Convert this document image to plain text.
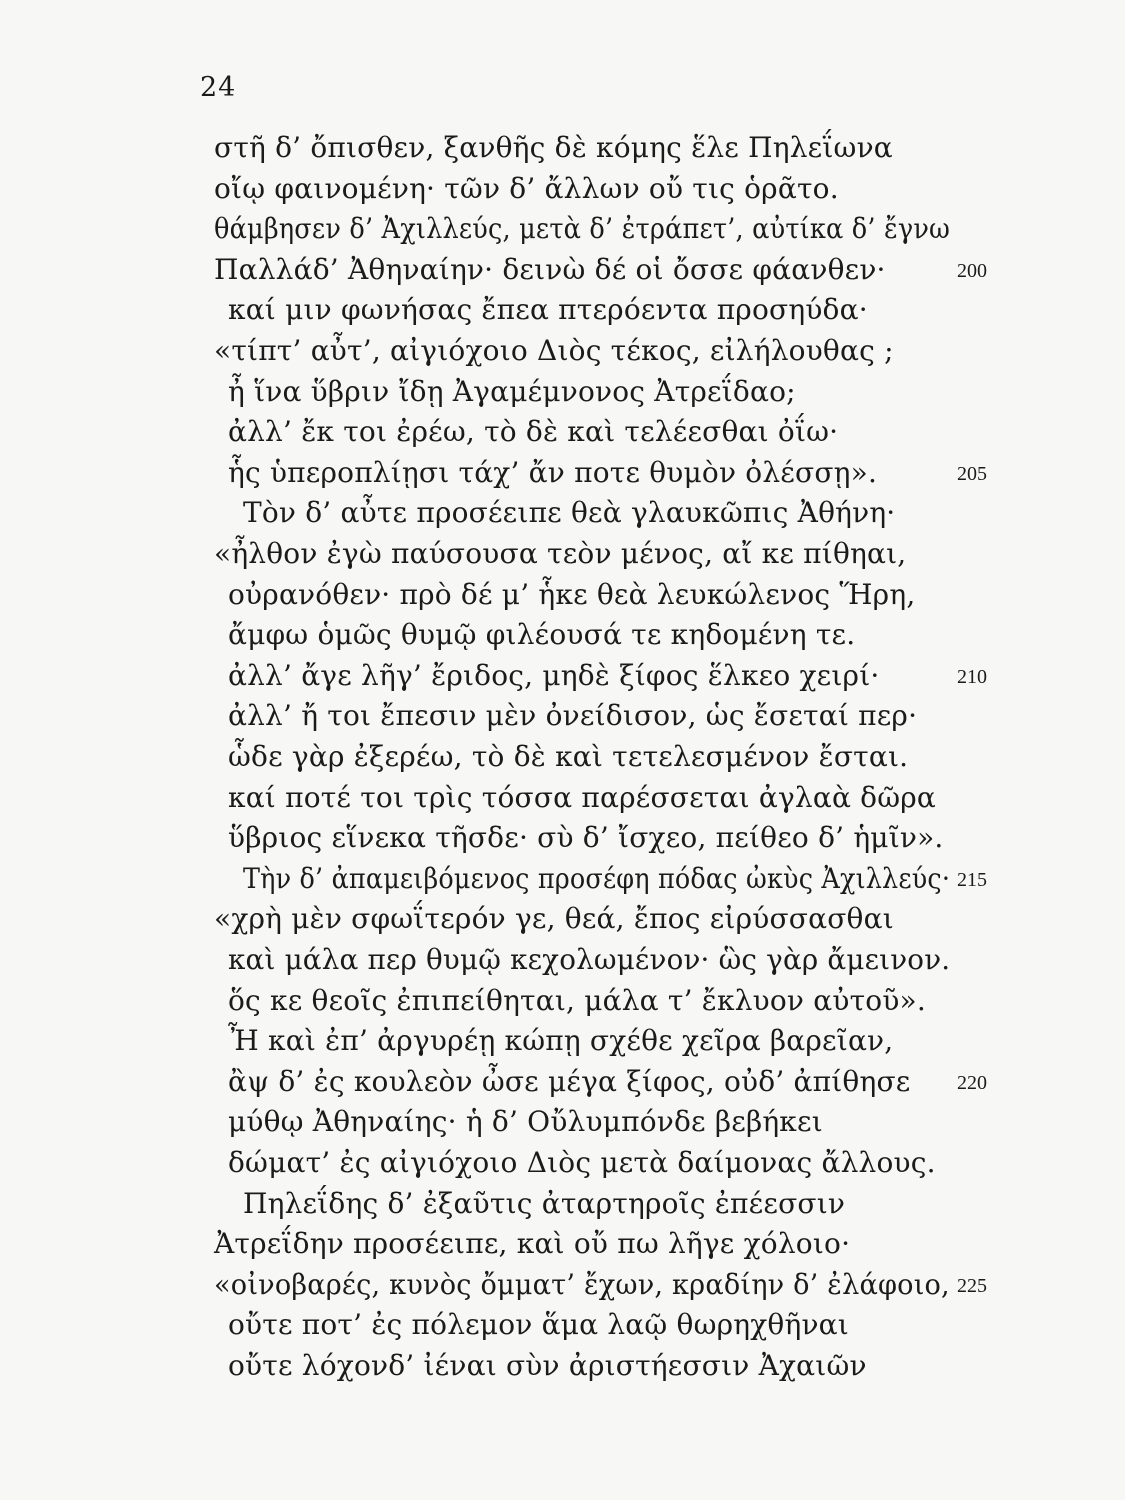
24
στῆ δ’ ὄπισθεν, ξανθῆς δὲ κόμης ἕλε Πηλεΐωνα
οἴῳ φαινομένη· τῶν δ’ ἄλλων οὔ τις ὁρᾶτο.
θάμβησεν δ’ Ἀχιλλεύς, μετὰ δ’ ἐτράπετ’, αὐτίκα δ’ ἔγνω
Παλλάδ’ Ἀθηναίην· δεινὼ δέ οἱ ὄσσε φάανθεν·	200
καί μιν φωνήσας ἔπεα πτερόεντα προσηύδα·
«τίπτ’ αὖτ’, αἰγιόχοιο Διὸς τέκος, εἰλήλουθας ;
ἦ ἵνα ὕβριν ἴδῃ Ἀγαμέμνονος Ἀτρεΐδαο;
ἀλλ’ ἔκ τοι ἐρέω, τὸ δὲ καὶ τελέεσθαι ὀΐω·
ἧς ὑπεροπλίῃσι τάχ’ ἄν ποτε θυμὸν ὀλέσσῃ».	205
Τὸν δ’ αὖτε προσέειπε θεὰ γλαυκῶπις Ἀθήνη·
«ἦλθον ἐγὼ παύσουσα τεὸν μένος, αἴ κε πίθηαι,
οὐρανόθεν· πρὸ δέ μ’ ἧκε θεὰ λευκώλενος Ἥρη,
ἄμφω ὁμῶς θυμῷ φιλέουσά τε κηδομένη τε.
ἀλλ’ ἄγε λῆγ’ ἔριδος, μηδὲ ξίφος ἕλκεο χειρί·	210
ἀλλ’ ἤ τοι ἔπεσιν μὲν ὀνείδισον, ὡς ἔσεταί περ·
ὧδε γὰρ ἐξερέω, τὸ δὲ καὶ τετελεσμένον ἔσται.
καί ποτέ τοι τρὶς τόσσα παρέσσεται ἀγλαὰ δῶρα
ὕβριος εἵνεκα τῆσδε· σὺ δ’ ἴσχεο, πείθεο δ’ ἡμῖν».
Τὴν δ’ ἀπαμειβόμενος προσέφη πόδας ὠκὺς Ἀχιλλεύς· 215
«χρὴ μὲν σφωΐτερόν γε, θεά, ἔπος εἰρύσσασθαι
καὶ μάλα περ θυμῷ κεχολωμένον· ὣς γὰρ ἄμεινον.
ὅς κε θεοῖς ἐπιπείθηται, μάλα τ’ ἔκλυον αὐτοῦ».
Ἦ καὶ ἐπ’ ἀργυρέῃ κώπῃ σχέθε χεῖρα βαρεῖαν,
ἂψ δ’ ἐς κουλεὸν ὦσε μέγα ξίφος, οὐδ’ ἀπίθησε 220
μύθῳ Ἀθηναίης· ἡ δ’ Οὔλυμπόνδε βεβήκει
δώματ’ ἐς αἰγιόχοιο Διὸς μετὰ δαίμονας ἄλλους.
Πηλεΐδης δ’ ἐξαῦτις ἀταρτηροῖς ἐπέεσσιν
Ἀτρεΐδην προσέειπε, καὶ οὔ πω λῆγε χόλοιο·
«οἰνοβαρές, κυνὸς ὄμματ’ ἔχων, κραδίην δ’ ἐλάφοιο, 225
οὔτε ποτ’ ἐς πόλεμον ἅμα λαῷ θωρηχθῆναι
οὔτε λόχονδ’ ἰέναι σὺν ἀριστήεσσιν Ἀχαιῶν
